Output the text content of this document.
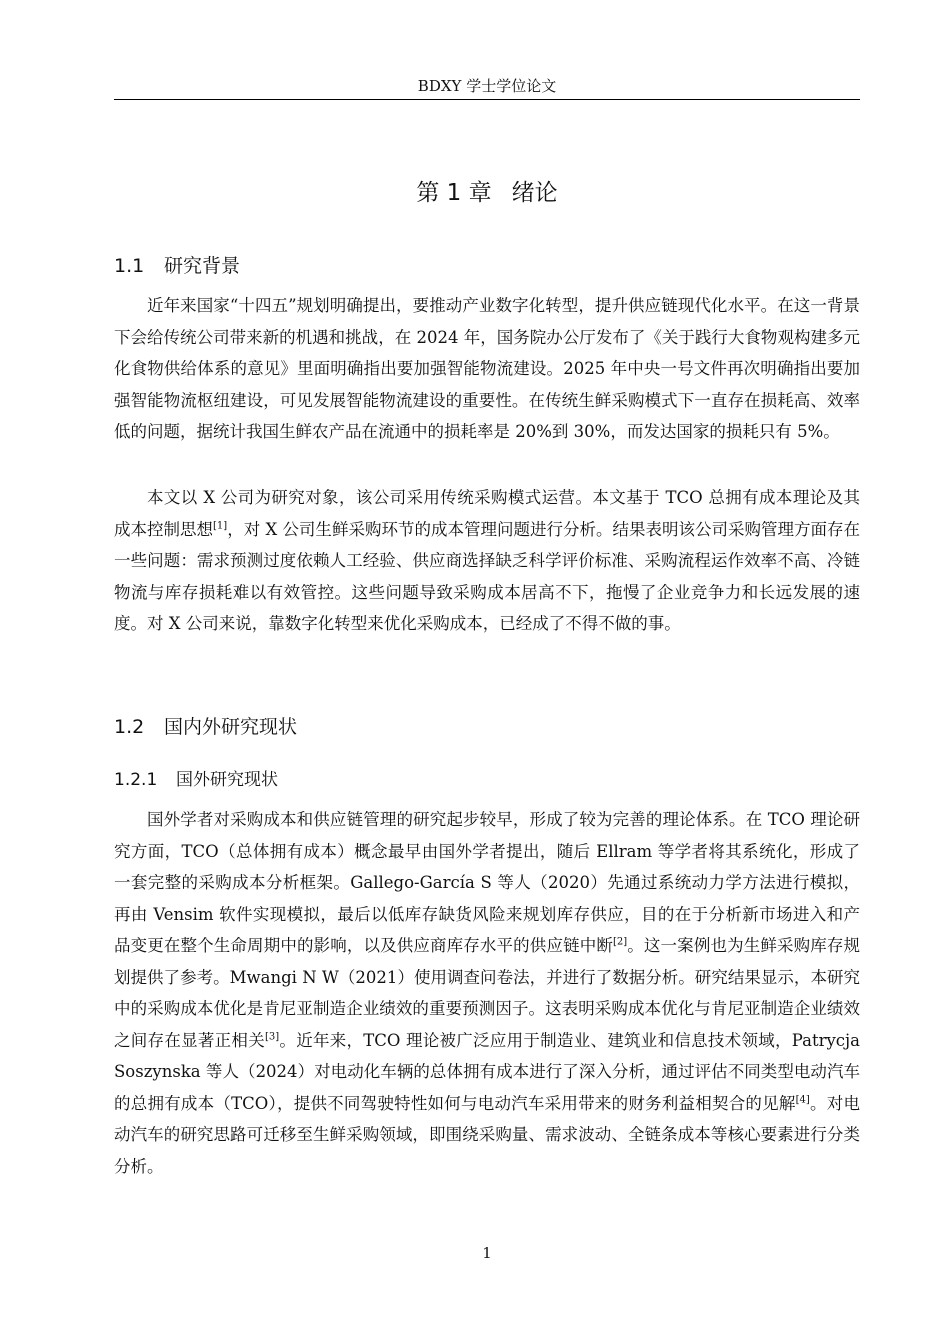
BDXY 学士学位论文
第 1 章 绪论
1.1 研究背景

近年来国家“十四五”规划明确提出，要推动产业数字化转型，提升供应链现代化水平。在这一背景下会给传统公司带来新的机遇和挑战，在 2024 年，国务院办公厅发布了《关于践行大食物观构建多元化食物供给体系的意见》里面明确指出要加强智能物流建设。2025 年中央一号文件再次明确指出要加强智能物流枢纽建设，可见发展智能物流建设的重要性。在传统生鲜采购模式下一直存在损耗高、效率低的问题，据统计我国生鲜农产品在流通中的损耗率是 20%到 30%，而发达国家的损耗只有 5%。

本文以 X 公司为研究对象，该公司采用传统采购模式运营。本文基于 TCO 总拥有成本理论及其成本控制思想[1]，对 X 公司生鲜采购环节的成本管理问题进行分析。结果表明该公司采购管理方面存在一些问题：需求预测过度依赖人工经验、供应商选择缺乏科学评价标准、采购流程运作效率不高、冷链物流与库存损耗难以有效管控。这些问题导致采购成本居高不下，拖慢了企业竞争力和长远发展的速度。对 X 公司来说，靠数字化转型来优化采购成本，已经成了不得不做的事。

1.2 国内外研究现状
1.2.1 国外研究现状

国外学者对采购成本和供应链管理的研究起步较早，形成了较为完善的理论体系。在 TCO 理论研究方面，TCO（总体拥有成本）概念最早由国外学者提出，随后 Ellram 等学者将其系统化，形成了一套完整的采购成本分析框架。Gallego-García S 等人（2020）先通过系统动力学方法进行模拟，再由 Vensim 软件实现模拟，最后以低库存缺货风险来规划库存供应，目的在于分析新市场进入和产品变更在整个生命周期中的影响，以及供应商库存水平的供应链中断[2]。这一案例也为生鲜采购库存规划提供了参考。Mwangi N W（2021）使用调查问卷法，并进行了数据分析。研究结果显示，本研究中的采购成本优化是肯尼亚制造企业绩效的重要预测因子。这表明采购成本优化与肯尼亚制造企业绩效之间存在显著正相关[3]。近年来，TCO 理论被广泛应用于制造业、建筑业和信息技术领域，Patrycja Soszynska 等人（2024）对电动化车辆的总体拥有成本进行了深入分析，通过评估不同类型电动汽车的总拥有成本（TCO），提供不同驾驶特性如何与电动汽车采用带来的财务利益相契合的见解[4]。对电动汽车的研究思路可迁移至生鲜采购领域，即围绕采购量、需求波动、全链条成本等核心要素进行分类分析。

1
